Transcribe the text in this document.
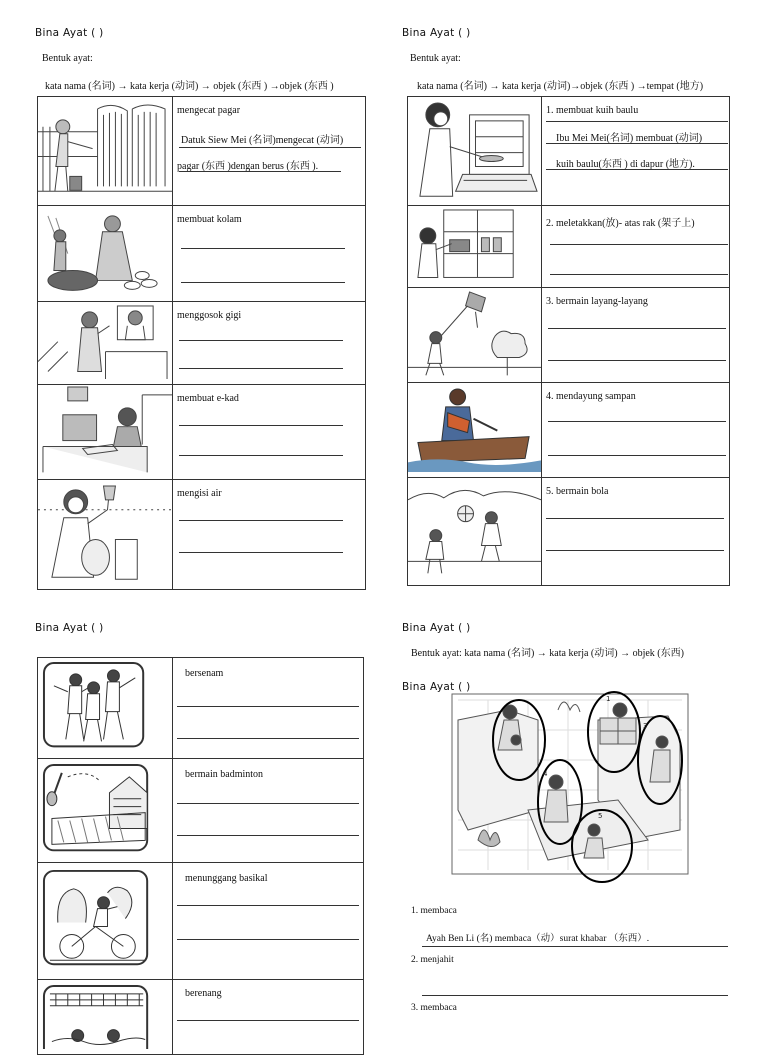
Bina Ayat ( )
Bentuk ayat:
kata nama (名词) → kata kerja (动词) → objek (东西 ) →objek (东西 )

mengecat pagar
Datuk Siew Mei (名词)mengecat (动词)
pagar (东西 )dengan berus (东西 ).

membuat kolam

menggosok gigi

membuat e-kad

mengisi air
Bina Ayat ( )
Bentuk ayat:
kata nama (名词) → kata kerja (动词)→objek (东西 ) →tempat (地方)

1. membuat kuih baulu
Ibu Mei Mei(名词) membuat (动词)
kuih baulu(东西 ) di dapur (地方).

2. meletakkan(放)- atas rak (架子上)

3. bermain layang-layang

4. mendayung sampan

5. bermain bola
Bina Ayat ( )

bersenam

bermain badminton

menunggang basikal

berenang
Bina Ayat ( )
Bentuk ayat: kata nama (名词) → kata kerja (动词) → objek (东西)
Bina Ayat ( )
1
3
4
5
1. membaca
Ayah Ben Li (名) membaca（动）surat khabar （东西）.
2. menjahit
3. membaca
